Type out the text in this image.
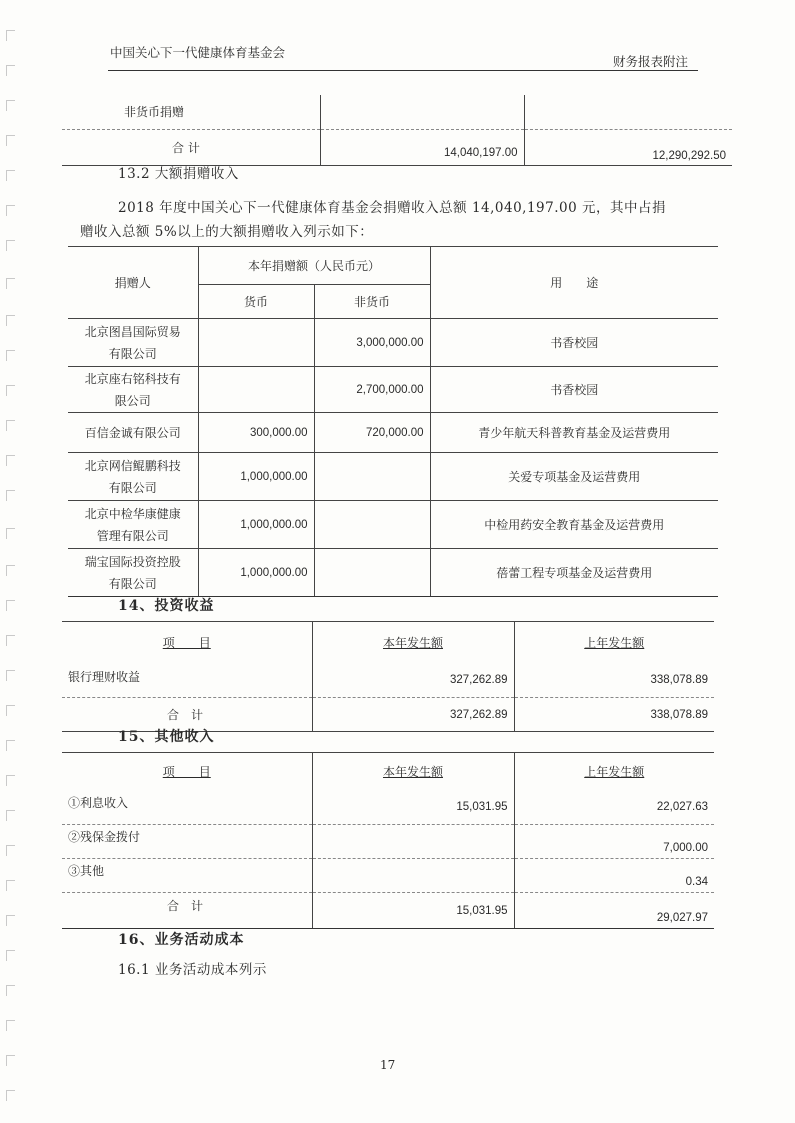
中国关心下一代健康体育基金会
财务报表附注
非货币捐赠		
合 计	14,040,197.00	12,290,292.50
13.2 大额捐赠收入
2018 年度中国关心下一代健康体育基金会捐赠收入总额 14,040,197.00 元，其中占捐
赠收入总额 5%以上的大额捐赠收入列示如下：
捐赠人	本年捐赠额（人民币元）		用　　途
	货币	非货币	

北京图昌国际贸易
有限公司		3,000,000.00	书香校园

北京座右铭科技有
限公司		2,700,000.00	书香校园
百信金诚有限公司	300,000.00	720,000.00	青少年航天科普教育基金及运营费用

北京网信鲲鹏科技
有限公司	1,000,000.00		关爱专项基金及运营费用

北京中检华康健康
管理有限公司	1,000,000.00		中检用药安全教育基金及运营费用

瑞宝国际投资控股
有限公司	1,000,000.00		蓓蕾工程专项基金及运营费用
14、投资收益
项　　目	本年发生额	上年发生额
银行理财收益	327,262.89	338,078.89
合　计	327,262.89	338,078.89
15、其他收入
项　　目	本年发生额	上年发生额
①利息收入	15,031.95	22,027.63
②残保金拨付		7,000.00
③其他		0.34
合　计	15,031.95	29,027.97
16、业务活动成本
16.1 业务活动成本列示
17
